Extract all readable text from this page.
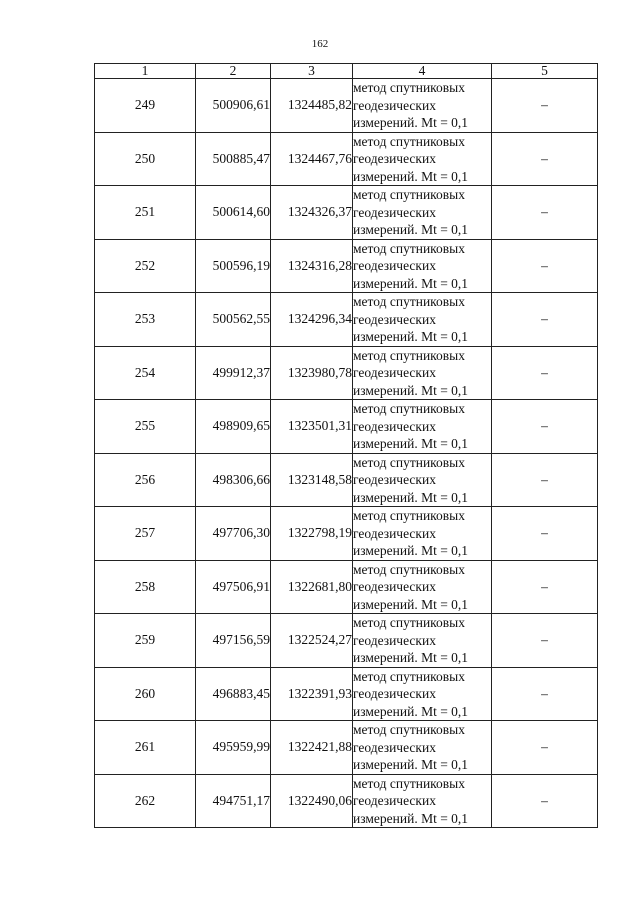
162
1	2	3	4	5
249	500906,61	1324485,82	метод спутниковых
геодезических
измерений. Mt = 0,1	–
250	500885,47	1324467,76	метод спутниковых
геодезических
измерений. Mt = 0,1	–
251	500614,60	1324326,37	метод спутниковых
геодезических
измерений. Mt = 0,1	–
252	500596,19	1324316,28	метод спутниковых
геодезических
измерений. Mt = 0,1	–
253	500562,55	1324296,34	метод спутниковых
геодезических
измерений. Mt = 0,1	–
254	499912,37	1323980,78	метод спутниковых
геодезических
измерений. Mt = 0,1	–
255	498909,65	1323501,31	метод спутниковых
геодезических
измерений. Mt = 0,1	–
256	498306,66	1323148,58	метод спутниковых
геодезических
измерений. Mt = 0,1	–
257	497706,30	1322798,19	метод спутниковых
геодезических
измерений. Mt = 0,1	–
258	497506,91	1322681,80	метод спутниковых
геодезических
измерений. Mt = 0,1	–
259	497156,59	1322524,27	метод спутниковых
геодезических
измерений. Mt = 0,1	–
260	496883,45	1322391,93	метод спутниковых
геодезических
измерений. Mt = 0,1	–
261	495959,99	1322421,88	метод спутниковых
геодезических
измерений. Mt = 0,1	–
262	494751,17	1322490,06	метод спутниковых
геодезических
измерений. Mt = 0,1	–
